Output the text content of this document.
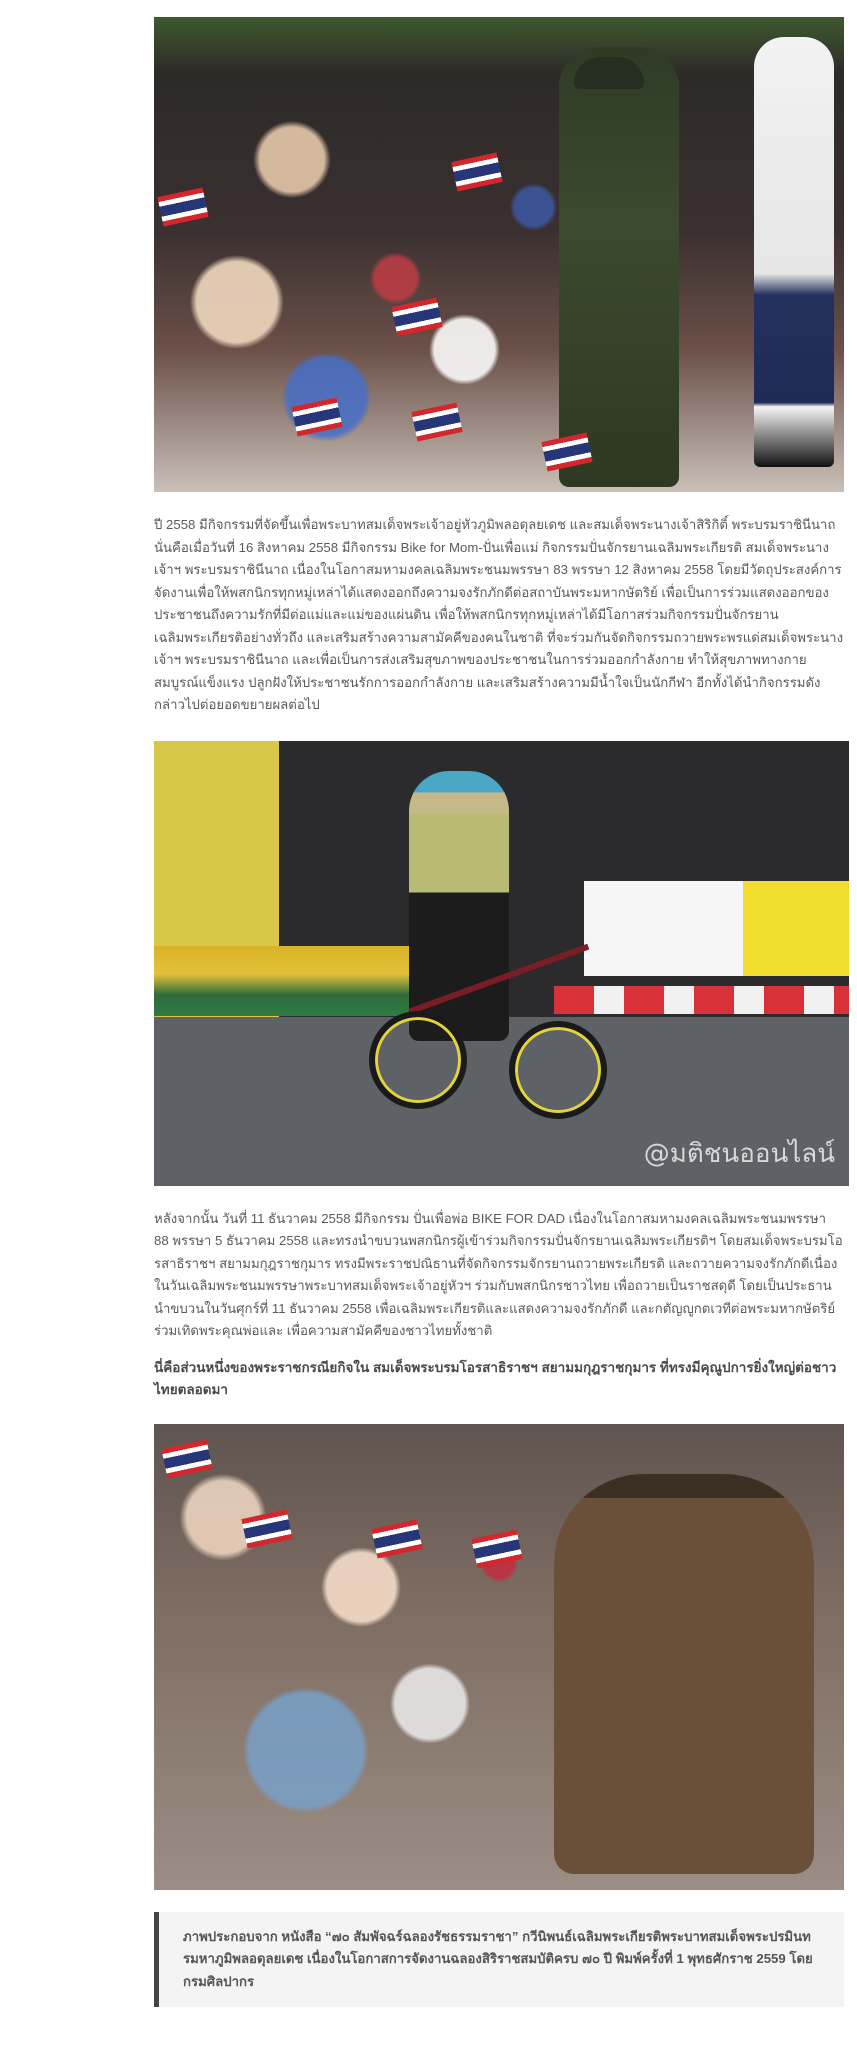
ปี 2558 มีกิจกรรมที่จัดขึ้นเพื่อพระบาทสมเด็จพระเจ้าอยู่หัวภูมิพลอดุลยเดช และสมเด็จพระนางเจ้าสิริกิติ์ พระบรมราชินีนาถ นั่นคือเมื่อวันที่ 16 สิงหาคม 2558 มีกิจกรรม Bike for Mom-ปั่นเพื่อแม่ กิจกรรมปั่นจักรยานเฉลิมพระเกียรติ สมเด็จพระนางเจ้าฯ พระบรมราชินีนาถ เนื่องในโอกาสมหามงคลเฉลิมพระชนมพรรษา 83 พรรษา 12 สิงหาคม 2558 โดยมีวัตถุประสงค์การจัดงานเพื่อให้พสกนิกรทุกหมู่เหล่าได้แสดงออกถึงความจงรักภักดีต่อสถาบันพระมหากษัตริย์ เพื่อเป็นการร่วมแสดงออกของประชาชนถึงความรักที่มีต่อแม่และแม่ของแผ่นดิน เพื่อให้พสกนิกรทุกหมู่เหล่าได้มีโอกาสร่วมกิจกรรมปั่นจักรยานเฉลิมพระเกียรติอย่างทั่วถึง และเสริมสร้างความสามัคคีของคนในชาติ ที่จะร่วมกันจัดกิจกรรมถวายพระพรแด่สมเด็จพระนางเจ้าฯ พระบรมราชินีนาถ และเพื่อเป็นการส่งเสริมสุขภาพของประชาชนในการร่วมออกกำลังกาย ทำให้สุขภาพทางกายสมบูรณ์แข็งแรง ปลูกฝังให้ประชาชนรักการออกกำลังกาย และเสริมสร้างความมีน้ำใจเป็นนักกีฬา อีกทั้งได้นำกิจกรรมดังกล่าวไปต่อยอดขยายผลต่อไป

@มติชนออนไลน์

หลังจากนั้น วันที่ 11 ธันวาคม 2558 มีกิจกรรม ปั่นเพื่อพ่อ BIKE FOR DAD เนื่องในโอกาสมหามงคลเฉลิมพระชนมพรรษา 88 พรรษา 5 ธันวาคม 2558 และทรงนำขบวนพสกนิกรผู้เข้าร่วมกิจกรรมปั่นจักรยานเฉลิมพระเกียรติฯ โดยสมเด็จพระบรมโอรสาธิราชฯ สยามมกุฎราชกุมาร ทรงมีพระราชปณิธานที่จัดกิจกรรมจักรยานถวายพระเกียรติ และถวายความจงรักภักดีเนื่องในวันเฉลิมพระชนมพรรษาพระบาทสมเด็จพระเจ้าอยู่หัวฯ ร่วมกับพสกนิกรชาวไทย เพื่อถวายเป็นราชสดุดี โดยเป็นประธานนำขบวนในวันศุกร์ที่ 11 ธันวาคม 2558 เพื่อเฉลิมพระเกียรติและแสดงความจงรักภักดี และกตัญญูกตเวทีต่อพระมหากษัตริย์ ร่วมเทิดพระคุณพ่อและ เพื่อความสามัคคีของชาวไทยทั้งชาติ

นี่คือส่วนหนึ่งของพระราชกรณียกิจใน สมเด็จพระบรมโอรสาธิราชฯ สยามมกุฎราชกุมาร ที่ทรงมีคุณูปการยิ่งใหญ่ต่อชาวไทยตลอดมา

ภาพประกอบจาก หนังสือ “๗๐ สัมพัจฉร์ฉลองรัชธรรมราชา” กวีนิพนธ์เฉลิมพระเกียรติพระบาทสมเด็จพระปรมินทรมหาภูมิพลอดุลยเดช เนื่องในโอกาสการจัดงานฉลองสิริราชสมบัติครบ ๗๐ ปี พิมพ์ครั้งที่ 1 พุทธศักราช 2559 โดยกรมศิลปากร
